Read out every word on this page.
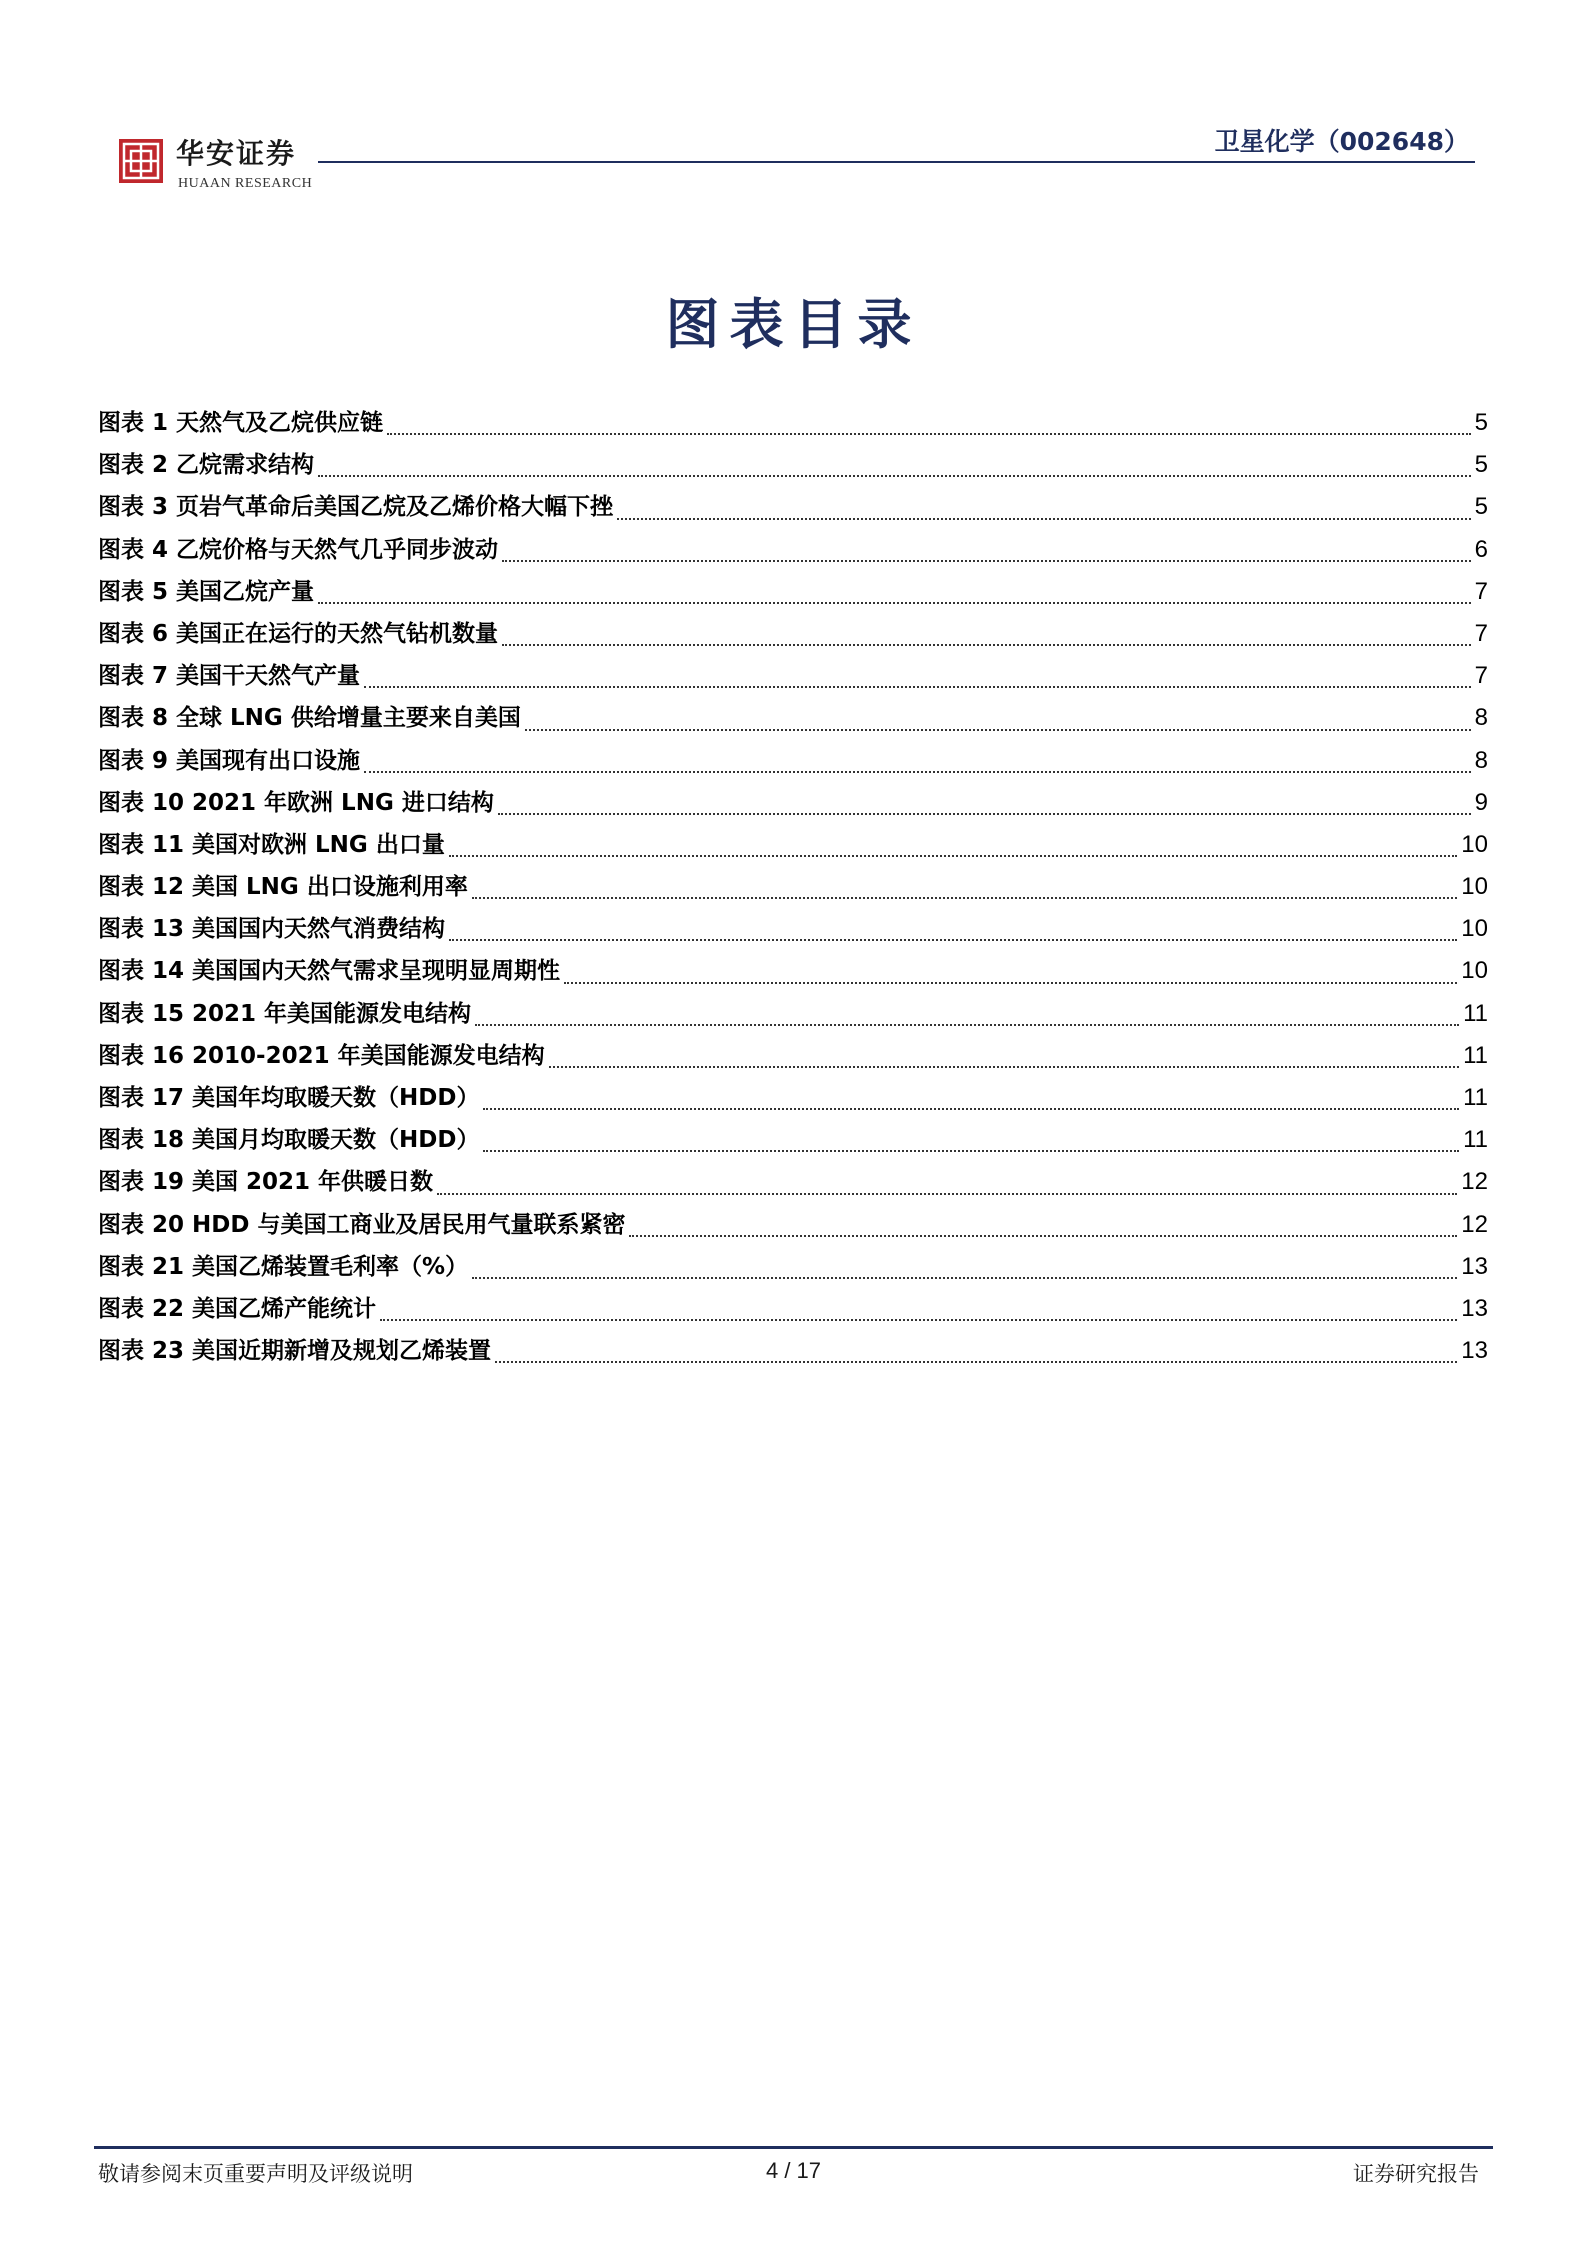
华安证券
HUAAN RESEARCH
卫星化学（002648）
图表目录
图表 1 天然气及乙烷供应链	5
图表 2 乙烷需求结构	5
图表 3 页岩气革命后美国乙烷及乙烯价格大幅下挫	5
图表 4 乙烷价格与天然气几乎同步波动	6
图表 5 美国乙烷产量	7
图表 6 美国正在运行的天然气钻机数量	7
图表 7 美国干天然气产量	7
图表 8 全球 LNG 供给增量主要来自美国	8
图表 9 美国现有出口设施	8
图表 10 2021 年欧洲 LNG 进口结构	9
图表 11 美国对欧洲 LNG 出口量	10
图表 12 美国 LNG 出口设施利用率	10
图表 13 美国国内天然气消费结构	10
图表 14 美国国内天然气需求呈现明显周期性	10
图表 15 2021 年美国能源发电结构	11
图表 16 2010-2021 年美国能源发电结构	11
图表 17 美国年均取暖天数（HDD）	11
图表 18 美国月均取暖天数（HDD）	11
图表 19 美国 2021 年供暖日数	12
图表 20 HDD 与美国工商业及居民用气量联系紧密	12
图表 21 美国乙烯装置毛利率（%）	13
图表 22 美国乙烯产能统计	13
图表 23 美国近期新增及规划乙烯装置	13
敬请参阅末页重要声明及评级说明	4 / 17	证券研究报告
